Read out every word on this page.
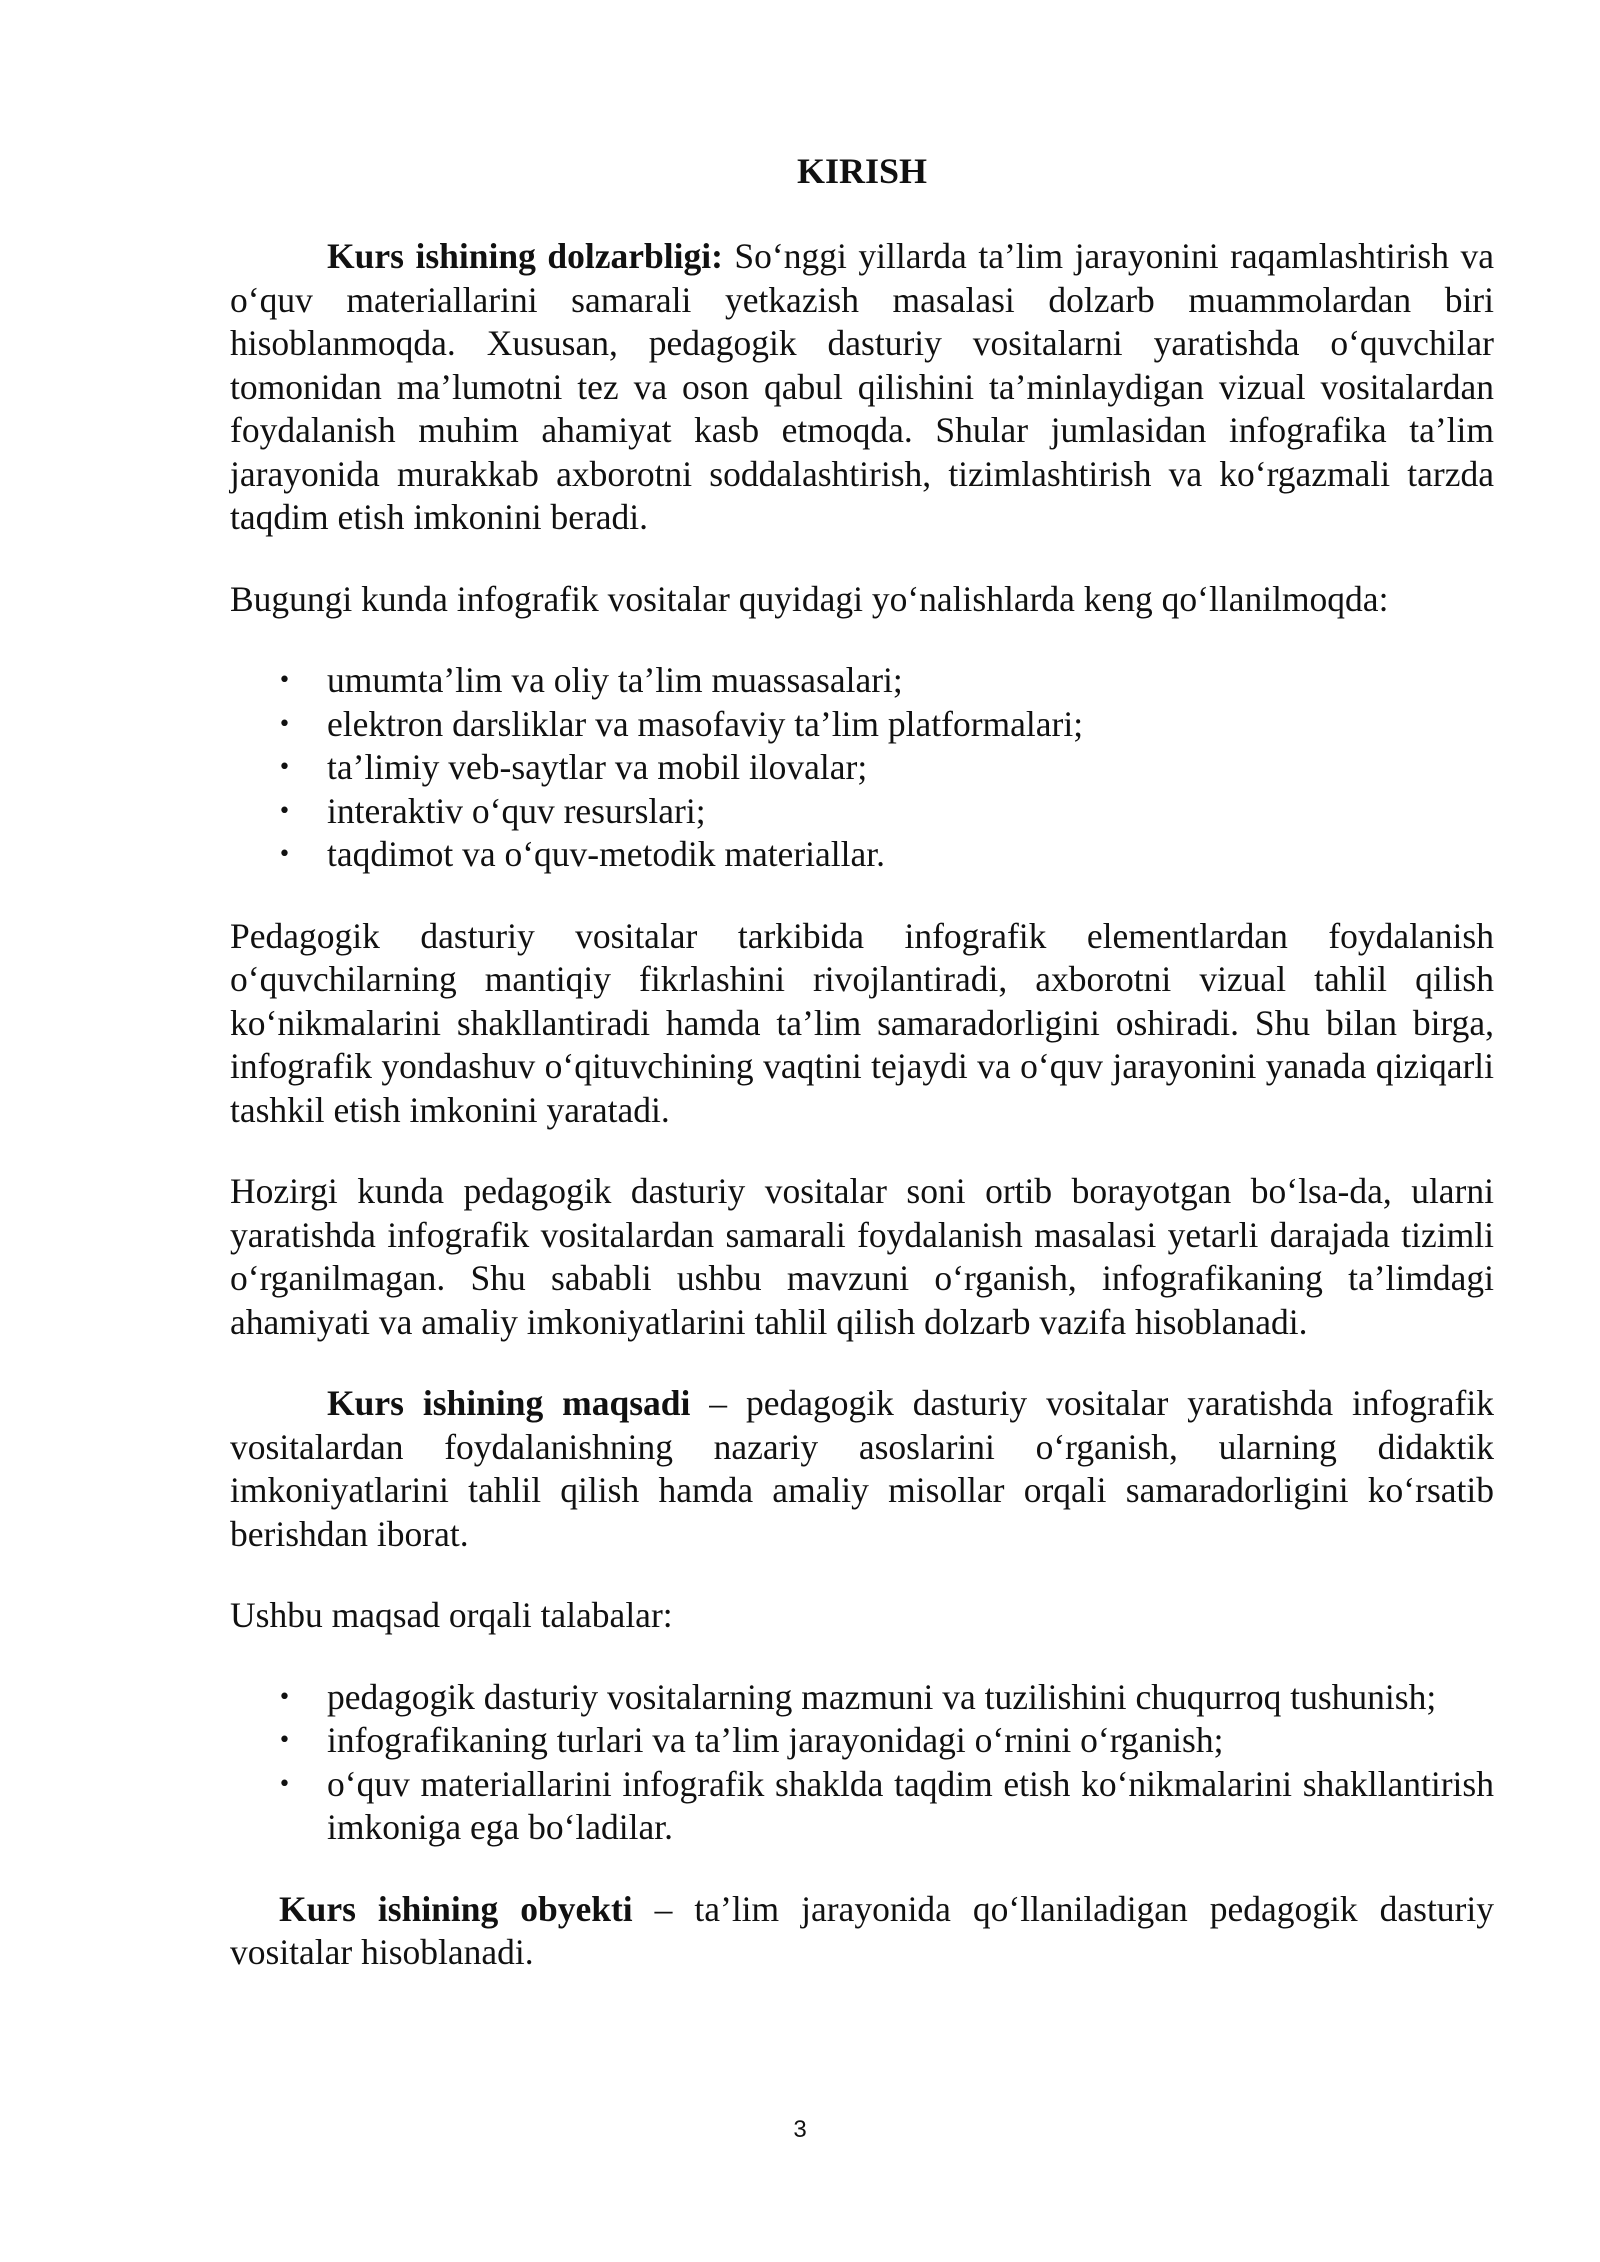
KIRISH

Kurs ishining dolzarbligi: So‘nggi yillarda ta’lim jarayonini raqamlashtirish va o‘quv materiallarini samarali yetkazish masalasi dolzarb muammolardan biri hisoblanmoqda. Xususan, pedagogik dasturiy vositalarni yaratishda o‘quvchilar tomonidan ma’lumotni tez va oson qabul qilishini ta’minlaydigan vizual vositalardan foydalanish muhim ahamiyat kasb etmoqda. Shular jumlasidan infografika ta’lim jarayonida murakkab axborotni soddalashtirish, tizimlashtirish va ko‘rgazmali tarzda taqdim etish imkonini beradi.

Bugungi kunda infografik vositalar quyidagi yo‘nalishlarda keng qo‘llanilmoqda:

• umumta’lim va oliy ta’lim muassasalari;
• elektron darsliklar va masofaviy ta’lim platformalari;
• ta’limiy veb-saytlar va mobil ilovalar;
• interaktiv o‘quv resurslari;
• taqdimot va o‘quv-metodik materiallar.

Pedagogik dasturiy vositalar tarkibida infografik elementlardan foydalanish o‘quvchilarning mantiqiy fikrlashini rivojlantiradi, axborotni vizual tahlil qilish ko‘nikmalarini shakllantiradi hamda ta’lim samaradorligini oshiradi. Shu bilan birga, infografik yondashuv o‘qituvchining vaqtini tejaydi va o‘quv jarayonini yanada qiziqarli tashkil etish imkonini yaratadi.

Hozirgi kunda pedagogik dasturiy vositalar soni ortib borayotgan bo‘lsa-da, ularni yaratishda infografik vositalardan samarali foydalanish masalasi yetarli darajada tizimli o‘rganilmagan. Shu sababli ushbu mavzuni o‘rganish, infografikaning ta’limdagi ahamiyati va amaliy imkoniyatlarini tahlil qilish dolzarb vazifa hisoblanadi.

Kurs ishining maqsadi – pedagogik dasturiy vositalar yaratishda infografik vositalardan foydalanishning nazariy asoslarini o‘rganish, ularning didaktik imkoniyatlarini tahlil qilish hamda amaliy misollar orqali samaradorligini ko‘rsatib berishdan iborat.

Ushbu maqsad orqali talabalar:

• pedagogik dasturiy vositalarning mazmuni va tuzilishini chuqurroq tushunish;
• infografikaning turlari va ta’lim jarayonidagi o‘rnini o‘rganish;
• o‘quv materiallarini infografik shaklda taqdim etish ko‘nikmalarini shakllantirish imkoniga ega bo‘ladilar.

Kurs ishining obyekti – ta’lim jarayonida qo‘llaniladigan pedagogik dasturiy vositalar hisoblanadi.

3
